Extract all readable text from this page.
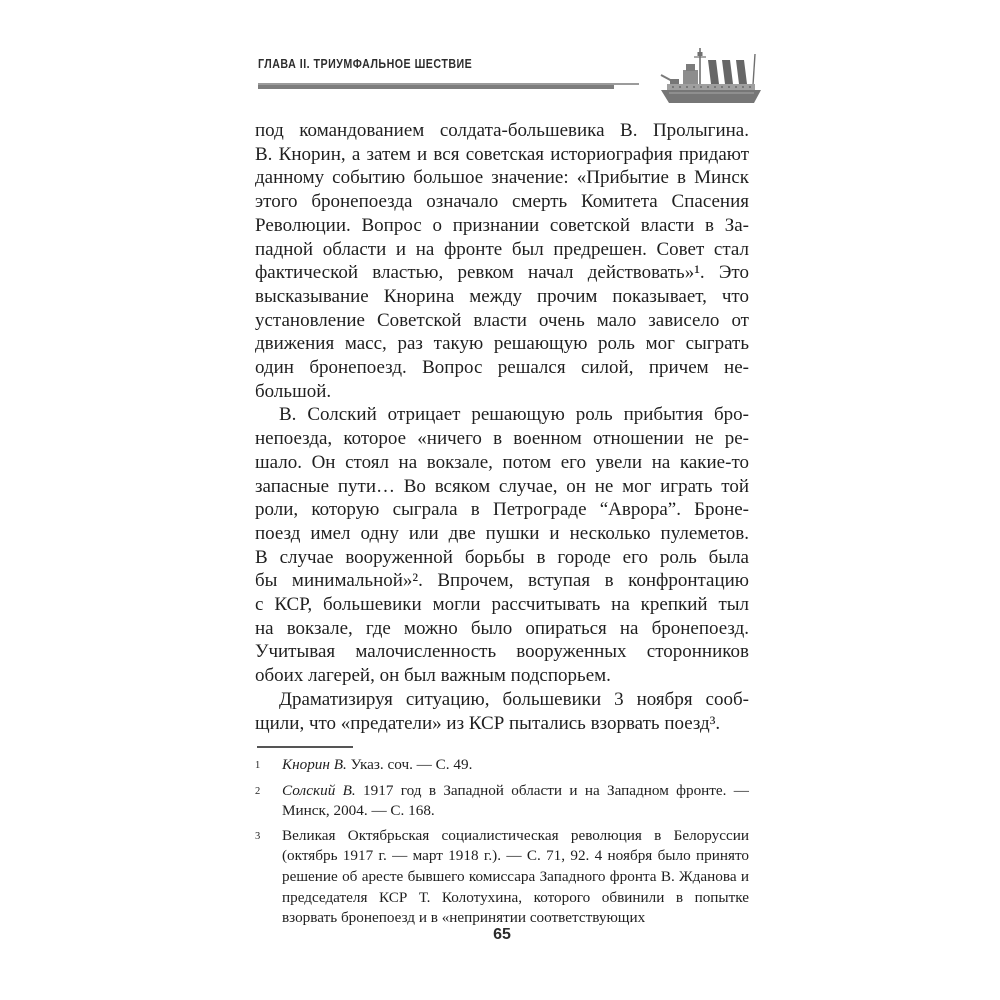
ГЛАВА II. ТРИУМФАЛЬНОЕ ШЕСТВИЕ
под командованием солдата-большевика В. Пролыгина.
В. Кнорин, а затем и вся советская историография придают
данному событию большое значение: «Прибытие в Минск
этого бронепоезда означало смерть Комитета Спасения
Революции. Вопрос о признании советской власти в За-
падной области и на фронте был предрешен. Совет стал
фактической властью, ревком начал действовать»¹. Это
высказывание Кнорина между прочим показывает, что
установление Советской власти очень мало зависело от
движения масс, раз такую решающую роль мог сыграть
один бронепоезд. Вопрос решался силой, причем не-
большой.
В. Солский отрицает решающую роль прибытия бро-
непоезда, которое «ничего в военном отношении не ре-
шало. Он стоял на вокзале, потом его увели на какие-то
запасные пути… Во всяком случае, он не мог играть той
роли, которую сыграла в Петрограде “Аврора”. Броне-
поезд имел одну или две пушки и несколько пулеметов.
В случае вооруженной борьбы в городе его роль была
бы минимальной»². Впрочем, вступая в конфронтацию
с КСР, большевики могли рассчитывать на крепкий тыл
на вокзале, где можно было опираться на бронепоезд.
Учитывая малочисленность вооруженных сторонников
обоих лагерей, он был важным подспорьем.
Драматизируя ситуацию, большевики 3 ноября сооб-
щили, что «предатели» из КСР пытались взорвать поезд³.
1	Кнорин В. Указ. соч. — С. 49.

2	Солский В. 1917 год в Западной области и на Западном фронте. — Минск, 2004. — С. 168.

3	Великая Октябрьская социалистическая революция в Белоруссии (октябрь 1917 г. — март 1918 г.). — С. 71, 92. 4 ноября было принято решение об аресте бывшего комиссара Западного фронта В. Жданова и председателя КСР Т. Колотухина, которого обвинили в попытке взорвать бронепоезд и в «непринятии соответствующих

65
